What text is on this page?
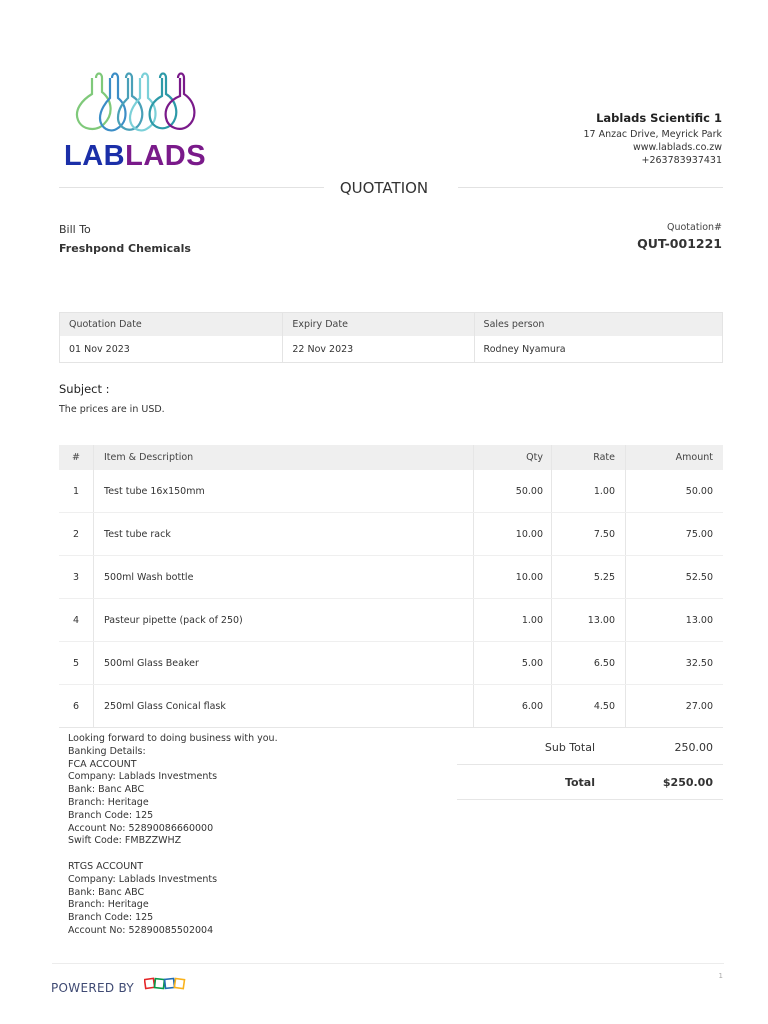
LABLADS
Lablads Scientific 1
17 Anzac Drive, Meyrick Park
www.lablads.co.zw
+263783937431
QUOTATION
Bill To
Freshpond Chemicals
Quotation#
QUT-001221
Quotation Date	Expiry Date	Sales person
01 Nov 2023	22 Nov 2023	Rodney Nyamura
Subject :
The prices are in USD.
#	Item & Description	Qty	Rate	Amount
1	Test tube 16x150mm	50.00	1.00	50.00
2	Test tube rack	10.00	7.50	75.00
3	500ml Wash bottle	10.00	5.25	52.50
4	Pasteur pipette (pack of 250)	1.00	13.00	13.00
5	500ml Glass Beaker	5.00	6.50	32.50
6	250ml Glass Conical flask	6.00	4.50	27.00
Looking forward to doing business with you.
Banking Details:
FCA ACCOUNT
Company: Lablads Investments
Bank: Banc ABC
Branch: Heritage
Branch Code: 125
Account No: 52890086660000
Swift Code: FMBZZWHZ
RTGS ACCOUNT
Company: Lablads Investments
Bank: Banc ABC
Branch: Heritage
Branch Code: 125
Account No: 52890085502004
Sub Total	250.00
Total	$250.00
POWERED BY
1
